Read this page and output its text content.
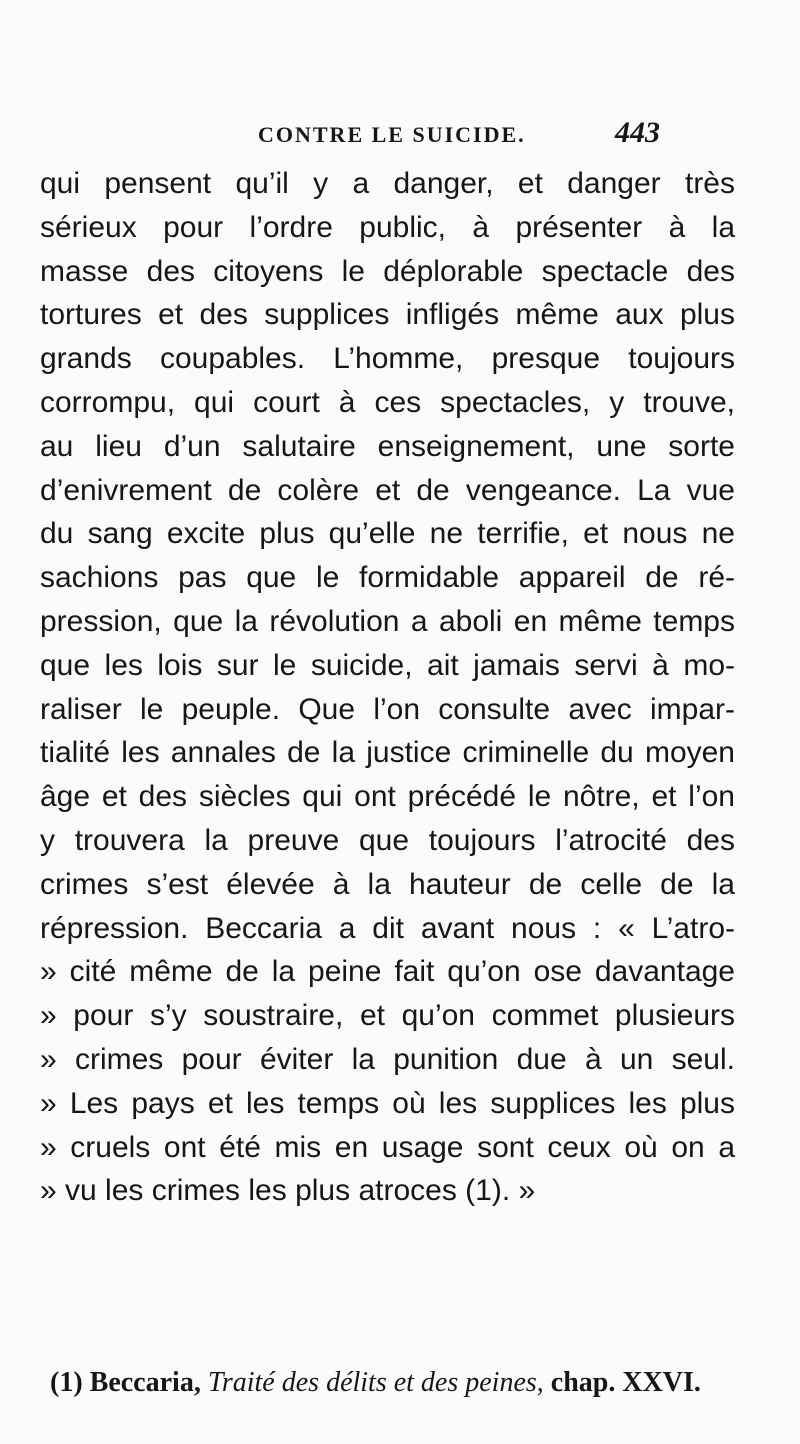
CONTRE LE SUICIDE.	443
qui pensent qu’il y a danger, et danger très
sérieux pour l’ordre public, à présenter à la
masse des citoyens le déplorable spectacle des
tortures et des supplices infligés même aux plus
grands coupables. L’homme, presque toujours
corrompu, qui court à ces spectacles, y trouve,
au lieu d’un salutaire enseignement, une sorte
d’enivrement de colère et de vengeance. La vue
du sang excite plus qu’elle ne terrifie, et nous ne
sachions pas que le formidable appareil de ré-
pression, que la révolution a aboli en même temps
que les lois sur le suicide, ait jamais servi à mo-
raliser le peuple. Que l’on consulte avec impar-
tialité les annales de la justice criminelle du moyen
âge et des siècles qui ont précédé le nôtre, et l’on
y trouvera la preuve que toujours l’atrocité des
crimes s’est élevée à la hauteur de celle de la
répression. Beccaria a dit avant nous : « L’atro-
» cité même de la peine fait qu’on ose davantage
» pour s’y soustraire, et qu’on commet plusieurs
» crimes pour éviter la punition due à un seul.
» Les pays et les temps où les supplices les plus
» cruels ont été mis en usage sont ceux où on a
» vu les crimes les plus atroces (1). »
(1) Beccaria, Traité des délits et des peines, chap. XXVI.
